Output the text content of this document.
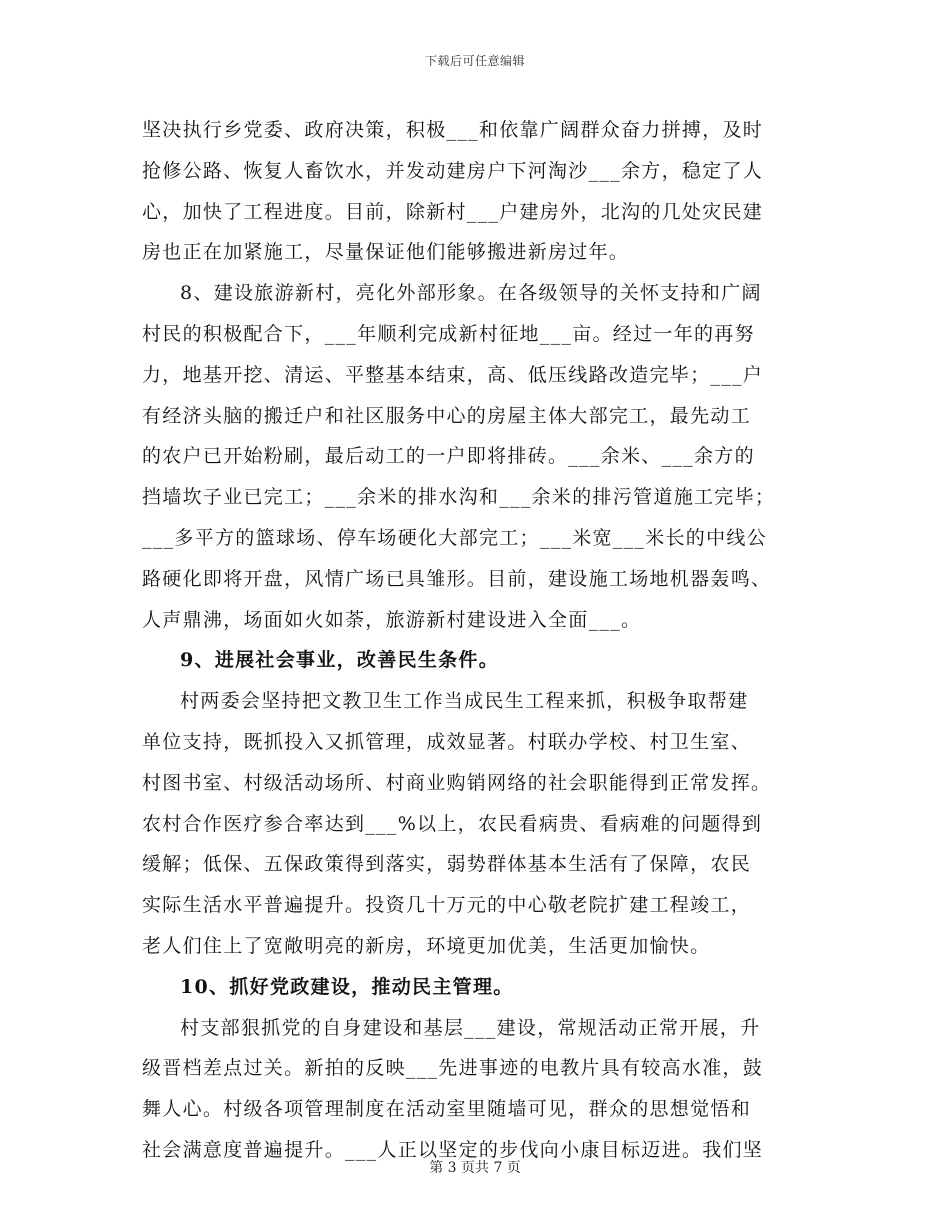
下载后可任意编辑
坚决执行乡党委、政府决策，积极___和依靠广阔群众奋力拼搏，及时
抢修公路、恢复人畜饮水，并发动建房户下河淘沙___余方，稳定了人
心，加快了工程进度。目前，除新村___户建房外，北沟的几处灾民建
房也正在加紧施工，尽量保证他们能够搬进新房过年。
8、建设旅游新村，亮化外部形象。在各级领导的关怀支持和广阔
村民的积极配合下，___年顺利完成新村征地___亩。经过一年的再努
力，地基开挖、清运、平整基本结束，高、低压线路改造完毕；___户
有经济头脑的搬迁户和社区服务中心的房屋主体大部完工，最先动工
的农户已开始粉刷，最后动工的一户即将排砖。___余米、___余方的
挡墙坎子业已完工；___余米的排水沟和___余米的排污管道施工完毕；
___多平方的篮球场、停车场硬化大部完工；___米宽___米长的中线公
路硬化即将开盘，风情广场已具雏形。目前，建设施工场地机器轰鸣、
人声鼎沸，场面如火如荼，旅游新村建设进入全面___。
9、进展社会事业，改善民生条件。
村两委会坚持把文教卫生工作当成民生工程来抓，积极争取帮建
单位支持，既抓投入又抓管理，成效显著。村联办学校、村卫生室、
村图书室、村级活动场所、村商业购销网络的社会职能得到正常发挥。
农村合作医疗参合率达到___%以上，农民看病贵、看病难的问题得到
缓解；低保、五保政策得到落实，弱势群体基本生活有了保障，农民
实际生活水平普遍提升。投资几十万元的中心敬老院扩建工程竣工，
老人们住上了宽敞明亮的新房，环境更加优美，生活更加愉快。
10、抓好党政建设，推动民主管理。
村支部狠抓党的自身建设和基层___建设，常规活动正常开展，升
级晋档差点过关。新拍的反映___先进事迹的电教片具有较高水准，鼓
舞人心。村级各项管理制度在活动室里随墙可见，群众的思想觉悟和
社会满意度普遍提升。___人正以坚定的步伐向小康目标迈进。我们坚
第 3 页共 7 页
